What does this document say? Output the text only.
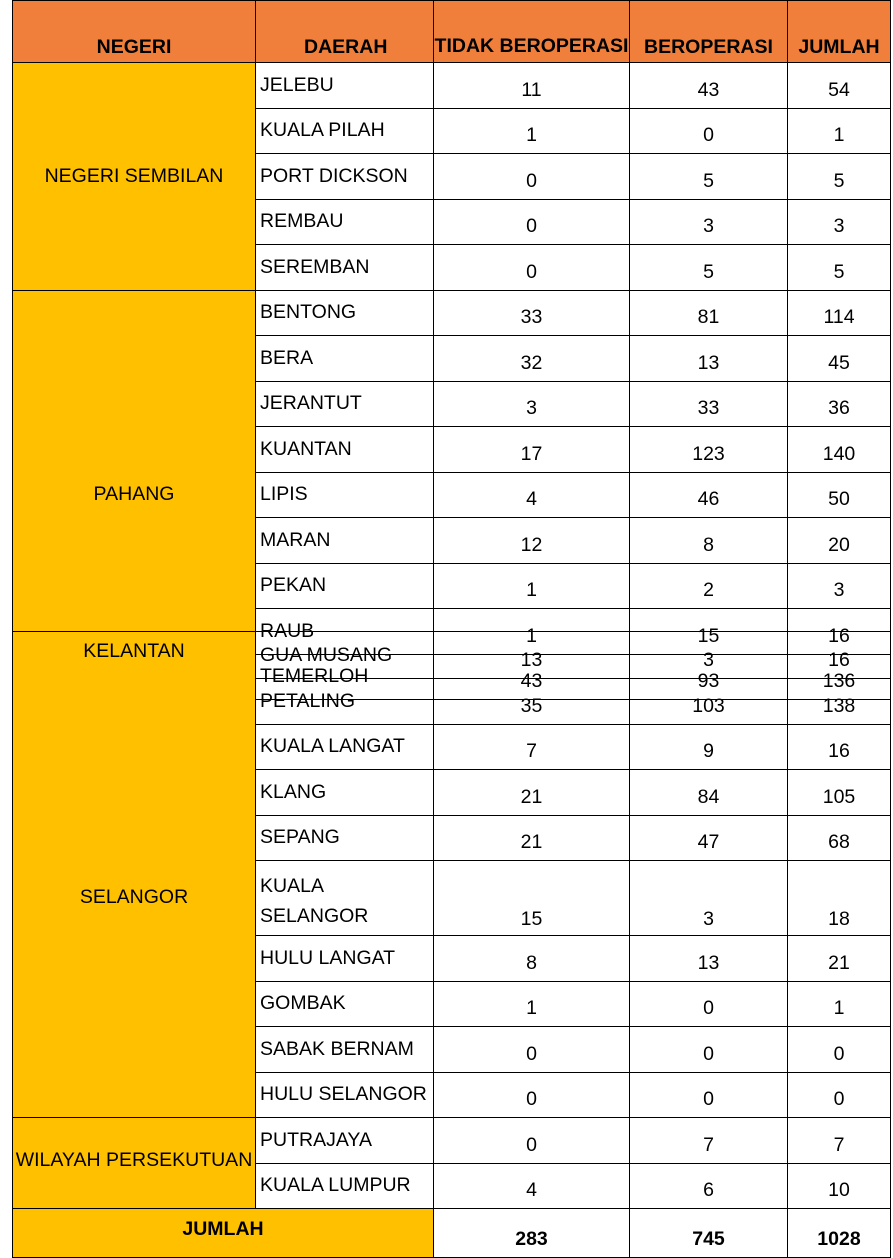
NEGERI	DAERAH	TIDAK BEROPERASI	BEROPERASI	JUMLAH
NEGERI SEMBILAN	JELEBU	11	43	54
	KUALA PILAH	1	0	1
	PORT DICKSON	0	5	5
	REMBAU	0	3	3
	SEREMBAN	0	5	5
PAHANG	BENTONG	33	81	114
	BERA	32	13	45
	JERANTUT	3	33	36
	KUANTAN	17	123	140
	LIPIS	4	46	50
	MARAN	12	8	20
	PEKAN	1	2	3
	RAUB	1	15	16
	TEMERLOH	43	93	136
KELANTAN	GUA MUSANG	13	3	16
SELANGOR	PETALING	35	103	138
	KUALA LANGAT	7	9	16
	KLANG	21	84	105
	SEPANG	21	47	68
	KUALA SELANGOR	15	3	18
	HULU LANGAT	8	13	21
	GOMBAK	1	0	1
	SABAK BERNAM	0	0	0
	HULU SELANGOR	0	0	0
WILAYAH PERSEKUTUAN	PUTRAJAYA	0	7	7
	KUALA LUMPUR	4	6	10
JUMLAH		283	745	1028
